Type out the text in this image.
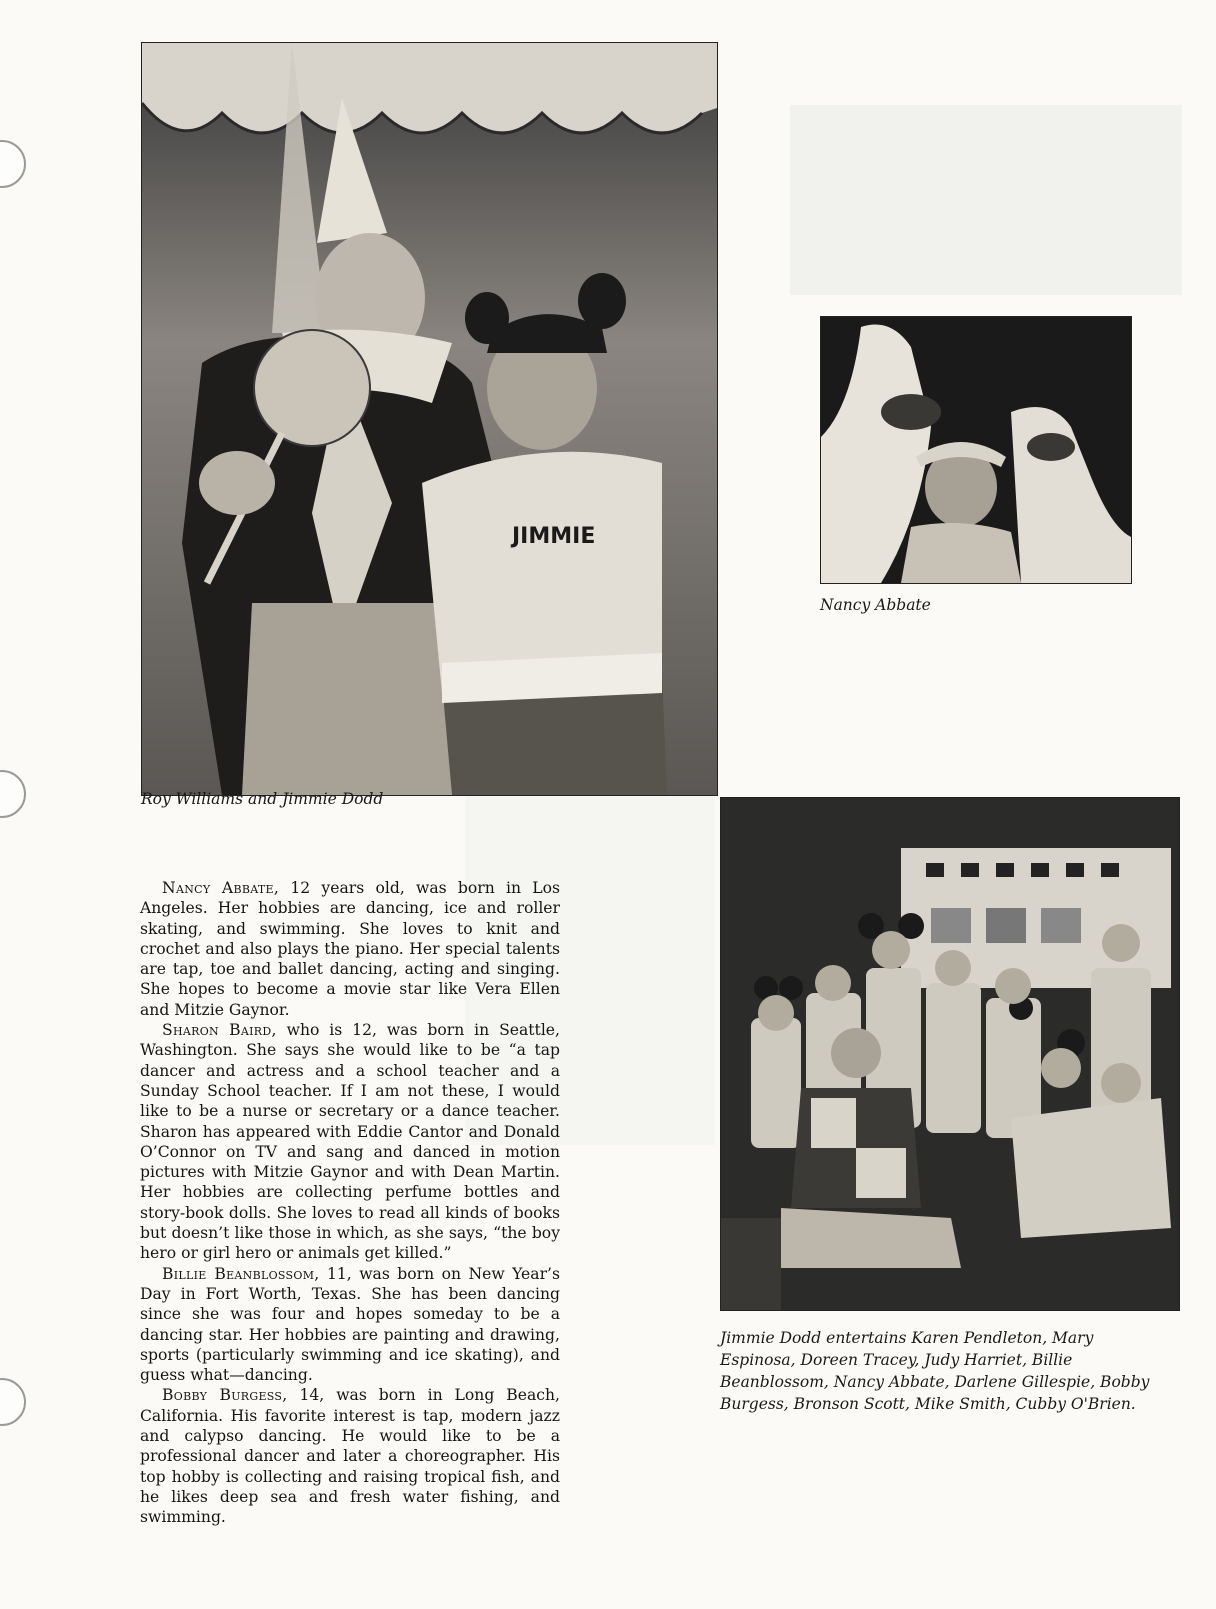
JIMMIE
Roy Williams and Jimmie Dodd
Nancy Abbate
Jimmie Dodd entertains Karen Pendleton, Mary Espinosa, Doreen Tracey, Judy Harriet, Billie Beanblossom, Nancy Abbate, Darlene Gillespie, Bobby Burgess, Bronson Scott, Mike Smith, Cubby O'Brien.

Nancy Abbate, 12 years old, was born in Los Angeles. Her hobbies are dancing, ice and roller skating, and swimming. She loves to knit and crochet and also plays the piano. Her special talents are tap, toe and ballet dancing, acting and singing. She hopes to become a movie star like Vera Ellen and Mitzie Gaynor.

Sharon Baird, who is 12, was born in Seattle, Washington. She says she would like to be “a tap dancer and actress and a school teacher and a Sunday School teacher. If I am not these, I would like to be a nurse or secretary or a dance teacher. Sharon has appeared with Eddie Cantor and Donald O’Connor on TV and sang and danced in motion pictures with Mitzie Gaynor and with Dean Martin. Her hobbies are collecting perfume bottles and story-book dolls. She loves to read all kinds of books but doesn’t like those in which, as she says, “the boy hero or girl hero or animals get killed.”

Billie Beanblossom, 11, was born on New Year’s Day in Fort Worth, Texas. She has been dancing since she was four and hopes someday to be a dancing star. Her hobbies are painting and drawing, sports (particularly swimming and ice skating), and guess what—dancing.

Bobby Burgess, 14, was born in Long Beach, California. His favorite interest is tap, modern jazz and calypso dancing. He would like to be a professional dancer and later a choreographer. His top hobby is collecting and raising tropical fish, and he likes deep sea and fresh water fishing, and swimming.
